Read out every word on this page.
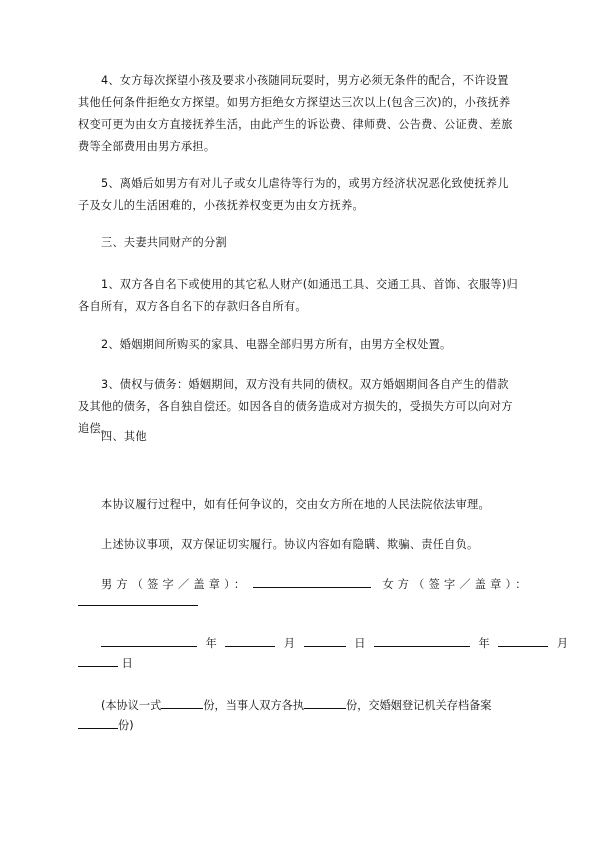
4、女方每次探望小孩及要求小孩随同玩耍时，男方必须无条件的配合，不许设置其他任何条件拒绝女方探望。如男方拒绝女方探望达三次以上(包含三次)的，小孩抚养权变可更为由女方直接抚养生活，由此产生的诉讼费、律师费、公告费、公证费、差旅费等全部费用由男方承担。

5、离婚后如男方有对儿子或女儿虐待等行为的，或男方经济状况恶化致使抚养儿子及女儿的生活困难的，小孩抚养权变更为由女方抚养。

三、夫妻共同财产的分割

1、双方各自名下或使用的其它私人财产(如通迅工具、交通工具、首饰、衣服等)归各自所有，双方各自名下的存款归各自所有。

2、婚姻期间所购买的家具、电器全部归男方所有，由男方全权处置。

3、债权与债务：婚姻期间，双方没有共同的债权。双方婚姻期间各自产生的借款及其他的债务，各自独自偿还。如因各自的债务造成对方损失的，受损失方可以向对方追偿。

四、其他

本协议履行过程中，如有任何争议的，交由女方所在地的人民法院依法审理。

上述协议事项，双方保证切实履行。协议内容如有隐瞒、欺骗、责任自负。

男方（签字／盖章）：	女方（签字／盖章）：
年	月	日	年	月
日
(本协议一式	份，当事人双方各执	份，交婚姻登记机关存档备案
份)
